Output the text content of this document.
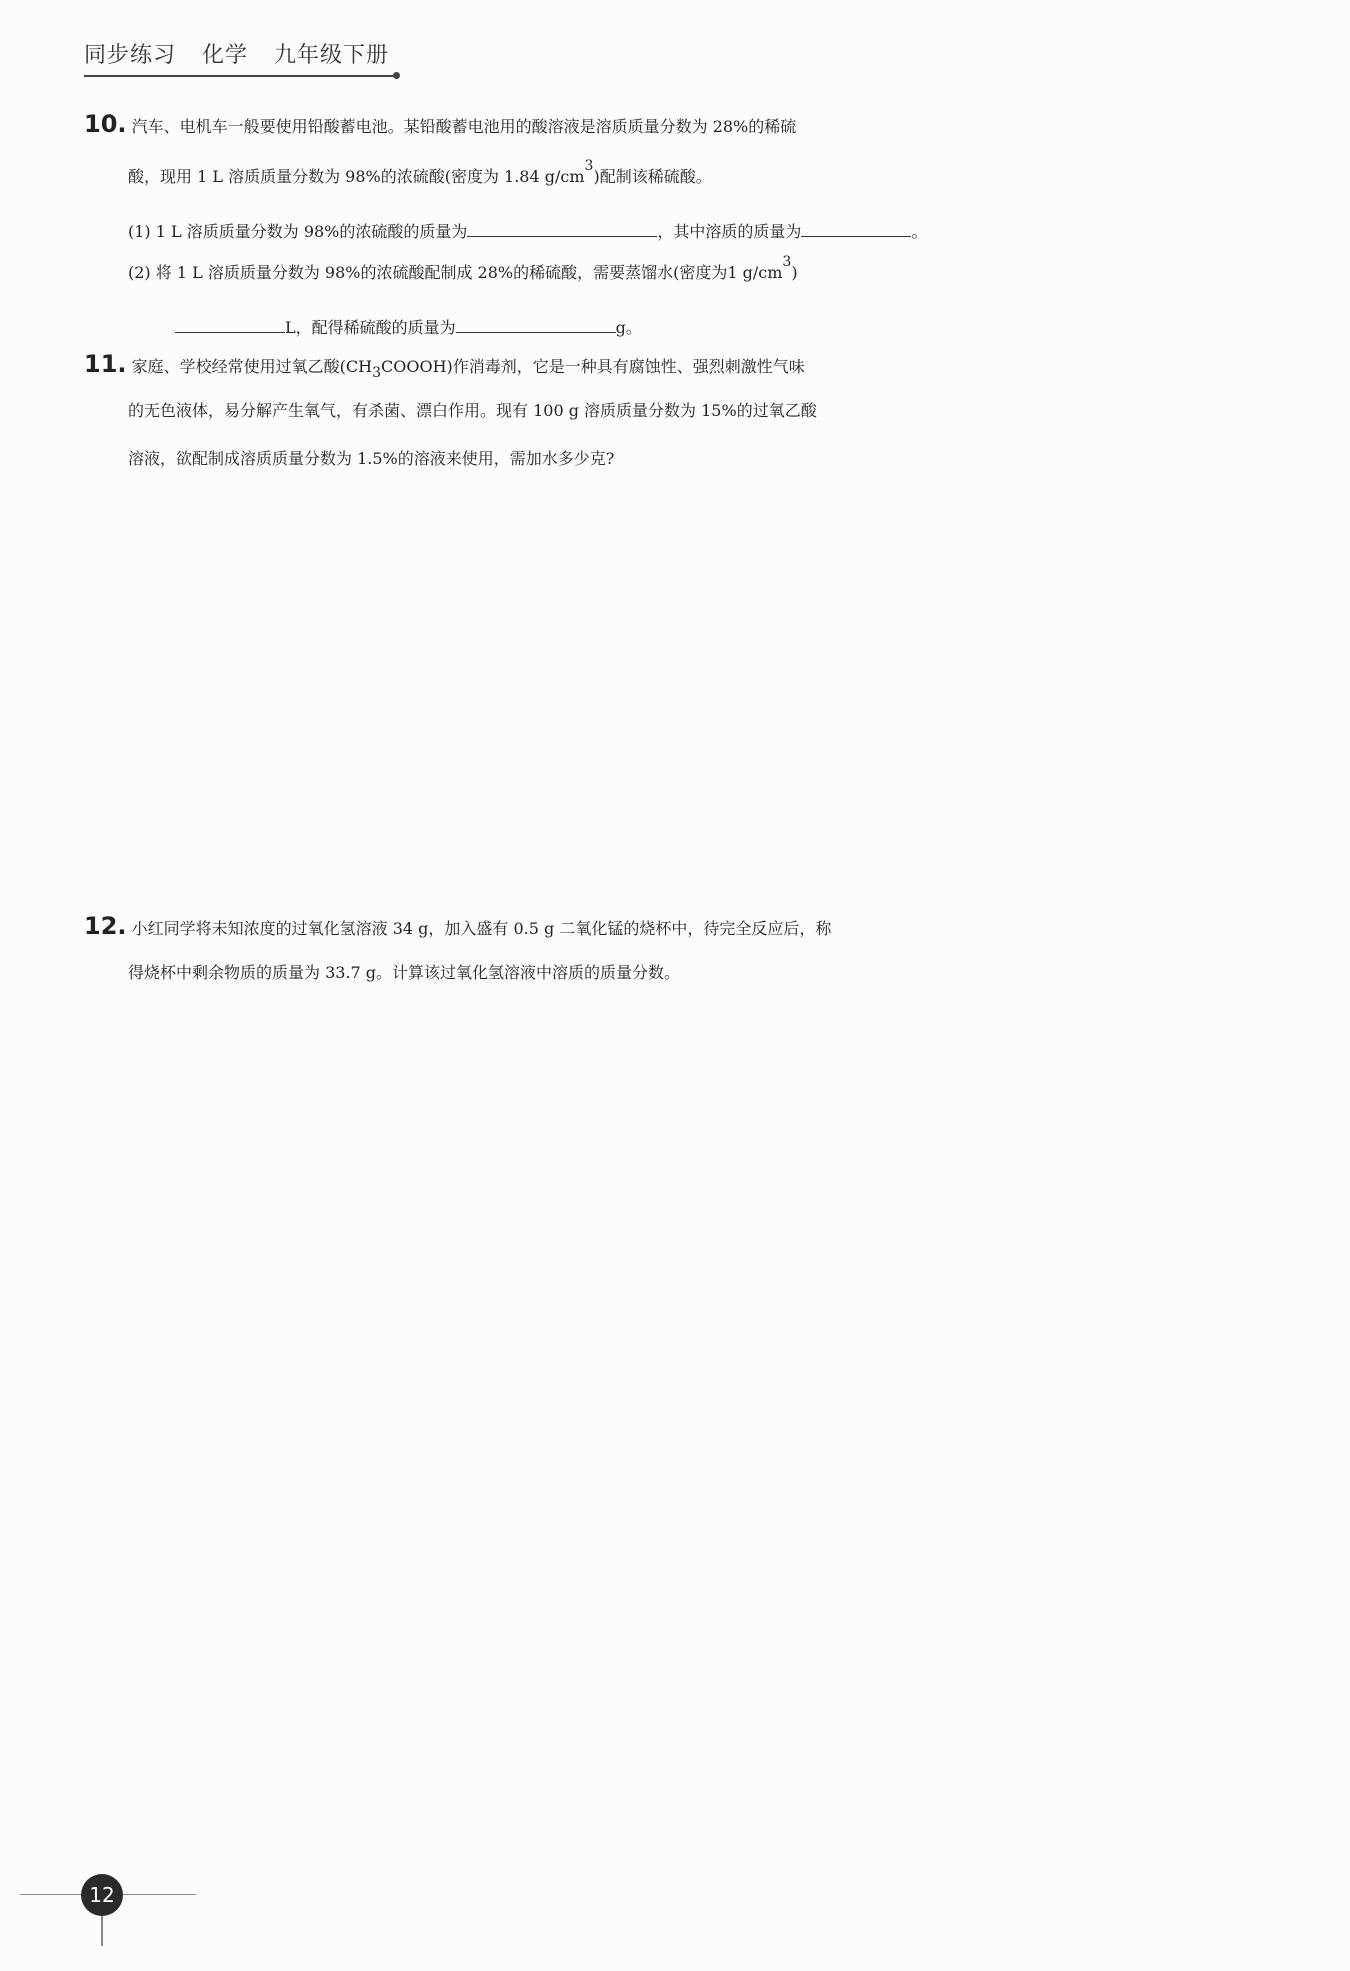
同步练习 化学 九年级下册
10. 汽车、电机车一般要使用铅酸蓄电池。某铅酸蓄电池用的酸溶液是溶质质量分数为 28%的稀硫
酸，现用 1 L 溶质质量分数为 98%的浓硫酸(密度为 1.84 $g/cm^3$)配制该稀硫酸。
(1) 1 L 溶质质量分数为 98%的浓硫酸的质量为	，其中溶质的质量为	。
(2) 将 1 L 溶质质量分数为 98%的浓硫酸配制成 28%的稀硫酸，需要蒸馏水(密度为1 $g/cm^3$)
L，配得稀硫酸的质量为	g。
11. 家庭、学校经常使用过氧乙酸$(CH_3COOOH)$作消毒剂，它是一种具有腐蚀性、强烈刺激性气味
的无色液体，易分解产生氧气，有杀菌、漂白作用。现有 100 g 溶质质量分数为 15%的过氧乙酸
溶液，欲配制成溶质质量分数为 1.5%的溶液来使用，需加水多少克?
12. 小红同学将未知浓度的过氧化氢溶液 34 g，加入盛有 0.5 g 二氧化锰的烧杯中，待完全反应后，称
得烧杯中剩余物质的质量为 33.7 g。计算该过氧化氢溶液中溶质的质量分数。
12
